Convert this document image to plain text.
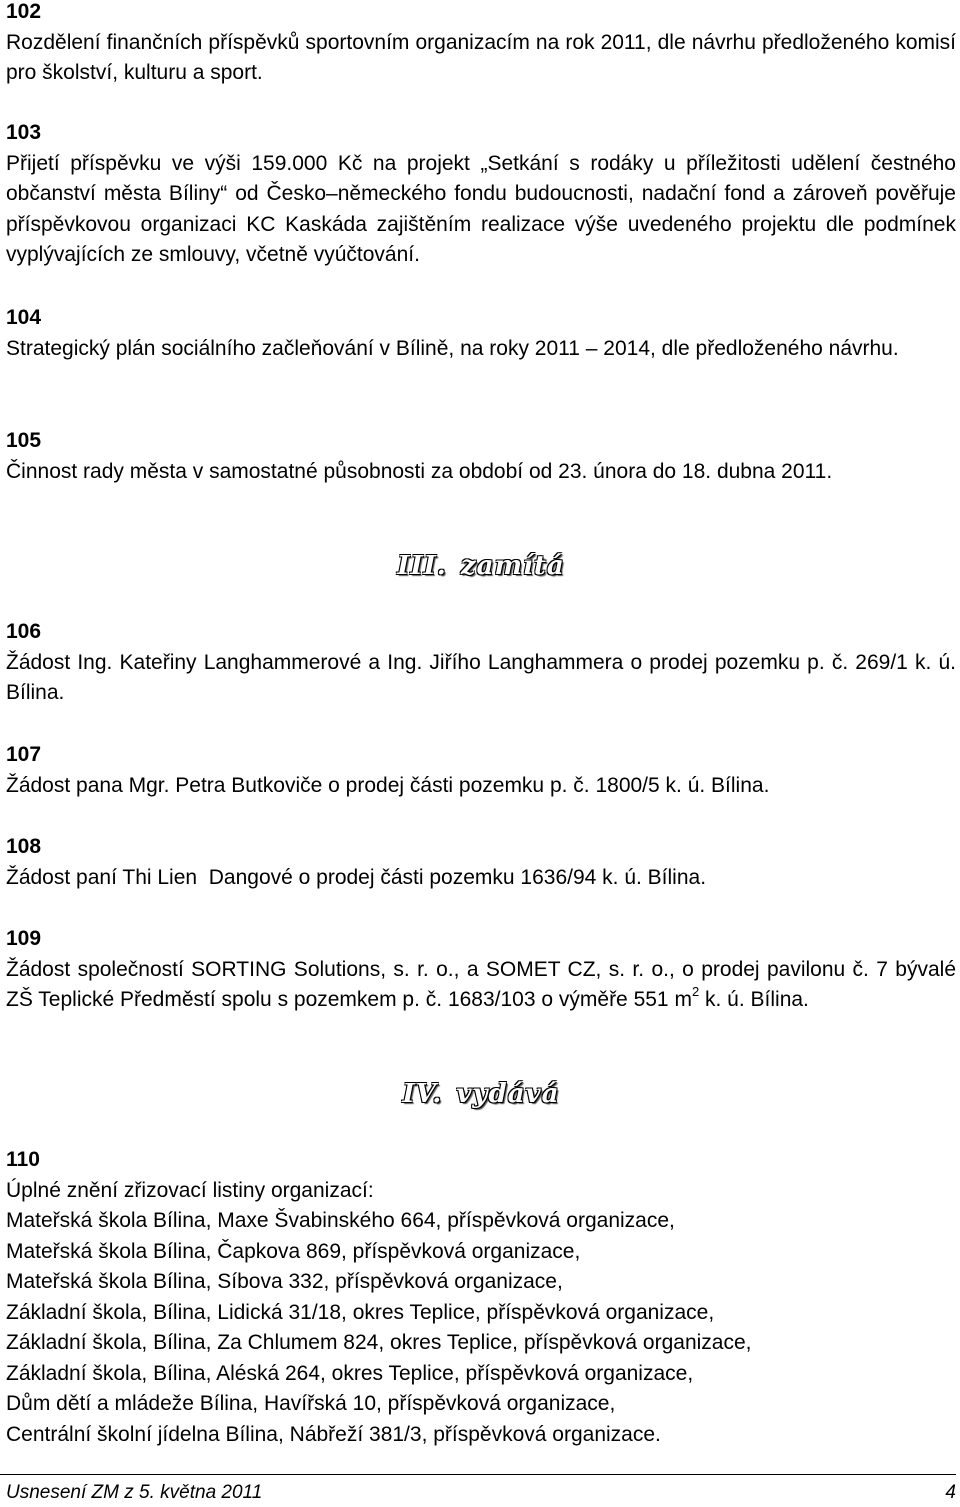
102
Rozdělení finančních příspěvků sportovním organizacím na rok 2011, dle návrhu předloženého komisí pro školství, kulturu a sport.
103
Přijetí příspěvku ve výši 159.000 Kč na projekt „Setkání s rodáky u příležitosti udělení čestného občanství města Bíliny“ od Česko–německého fondu budoucnosti, nadační fond a zároveň pověřuje příspěvkovou organizaci KC Kaskáda zajištěním realizace výše uvedeného projektu dle podmínek vyplývajících ze smlouvy, včetně vyúčtování.
104
Strategický plán sociálního začleňování v Bílině, na roky 2011 – 2014, dle předloženého návrhu.
105
Činnost rady města v samostatné působnosti za období od 23. února do 18. dubna 2011.
III. zamítá
106
Žádost Ing. Kateřiny Langhammerové a Ing. Jiřího Langhammera o prodej pozemku p. č. 269/1 k. ú. Bílina.
107
Žádost pana Mgr. Petra Butkoviče o prodej části pozemku p. č. 1800/5 k. ú. Bílina.
108
Žádost paní Thi Lien  Dangové o prodej části pozemku 1636/94 k. ú. Bílina.
109
Žádost společností SORTING Solutions, s. r. o., a SOMET CZ, s. r. o., o prodej pavilonu č. 7 bývalé ZŠ Teplické Předměstí spolu s pozemkem p. č. 1683/103 o výměře 551 $m^2$ k. ú. Bílina.
IV. vydává
110
Úplné znění zřizovací listiny organizací:
Mateřská škola Bílina, Maxe Švabinského 664, příspěvková organizace,
Mateřská škola Bílina, Čapkova 869, příspěvková organizace,
Mateřská škola Bílina, Síbova 332, příspěvková organizace,
Základní škola, Bílina, Lidická 31/18, okres Teplice, příspěvková organizace,
Základní škola, Bílina, Za Chlumem 824, okres Teplice, příspěvková organizace,
Základní škola, Bílina, Aléská 264, okres Teplice, příspěvková organizace,
Dům dětí a mládeže Bílina, Havířská 10, příspěvková organizace,
Centrální školní jídelna Bílina, Nábřeží 381/3, příspěvková organizace.
Usnesení ZM z 5. května 2011	4
